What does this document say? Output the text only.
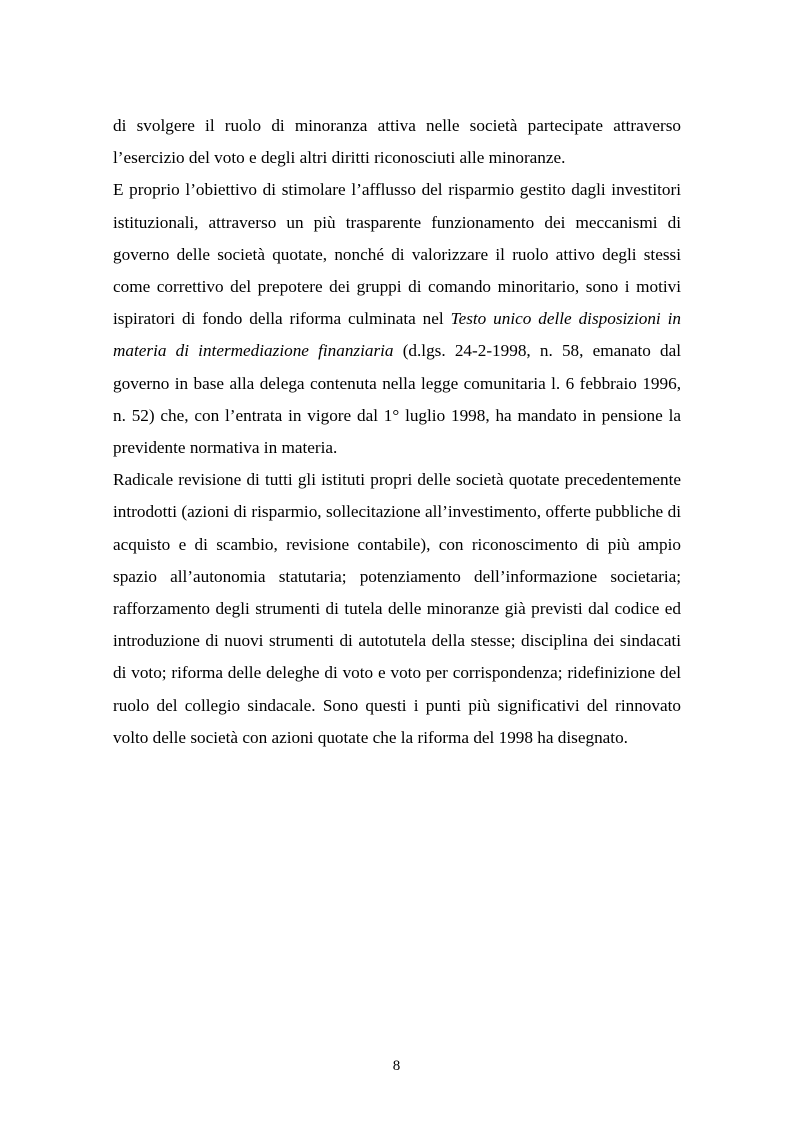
di svolgere il ruolo di minoranza attiva nelle società partecipate attraverso l’esercizio del voto e degli altri diritti riconosciuti alle minoranze.

E proprio l’obiettivo di stimolare l’afflusso del risparmio gestito dagli investitori istituzionali, attraverso un più trasparente funzionamento dei meccanismi di governo delle società quotate, nonché di valorizzare il ruolo attivo degli stessi come correttivo del prepotere dei gruppi di comando minoritario, sono i motivi ispiratori di fondo della riforma culminata nel Testo unico delle disposizioni in materia di intermediazione finanziaria (d.lgs. 24-2-1998, n. 58, emanato dal governo in base alla delega contenuta nella legge comunitaria l. 6 febbraio 1996, n. 52) che, con l’entrata in vigore dal 1° luglio 1998, ha mandato in pensione la previdente normativa in materia.

Radicale revisione di tutti gli istituti propri delle società quotate precedentemente introdotti (azioni di risparmio, sollecitazione all’investimento, offerte pubbliche di acquisto e di scambio, revisione contabile), con riconoscimento di più ampio spazio all’autonomia statutaria; potenziamento dell’informazione societaria; rafforzamento degli strumenti di tutela delle minoranze già previsti dal codice ed introduzione di nuovi strumenti di autotutela della stesse; disciplina dei sindacati di voto; riforma delle deleghe di voto e voto per corrispondenza; ridefinizione del ruolo del collegio sindacale. Sono questi i punti più significativi del rinnovato volto delle società con azioni quotate che la riforma del 1998 ha disegnato.

8
